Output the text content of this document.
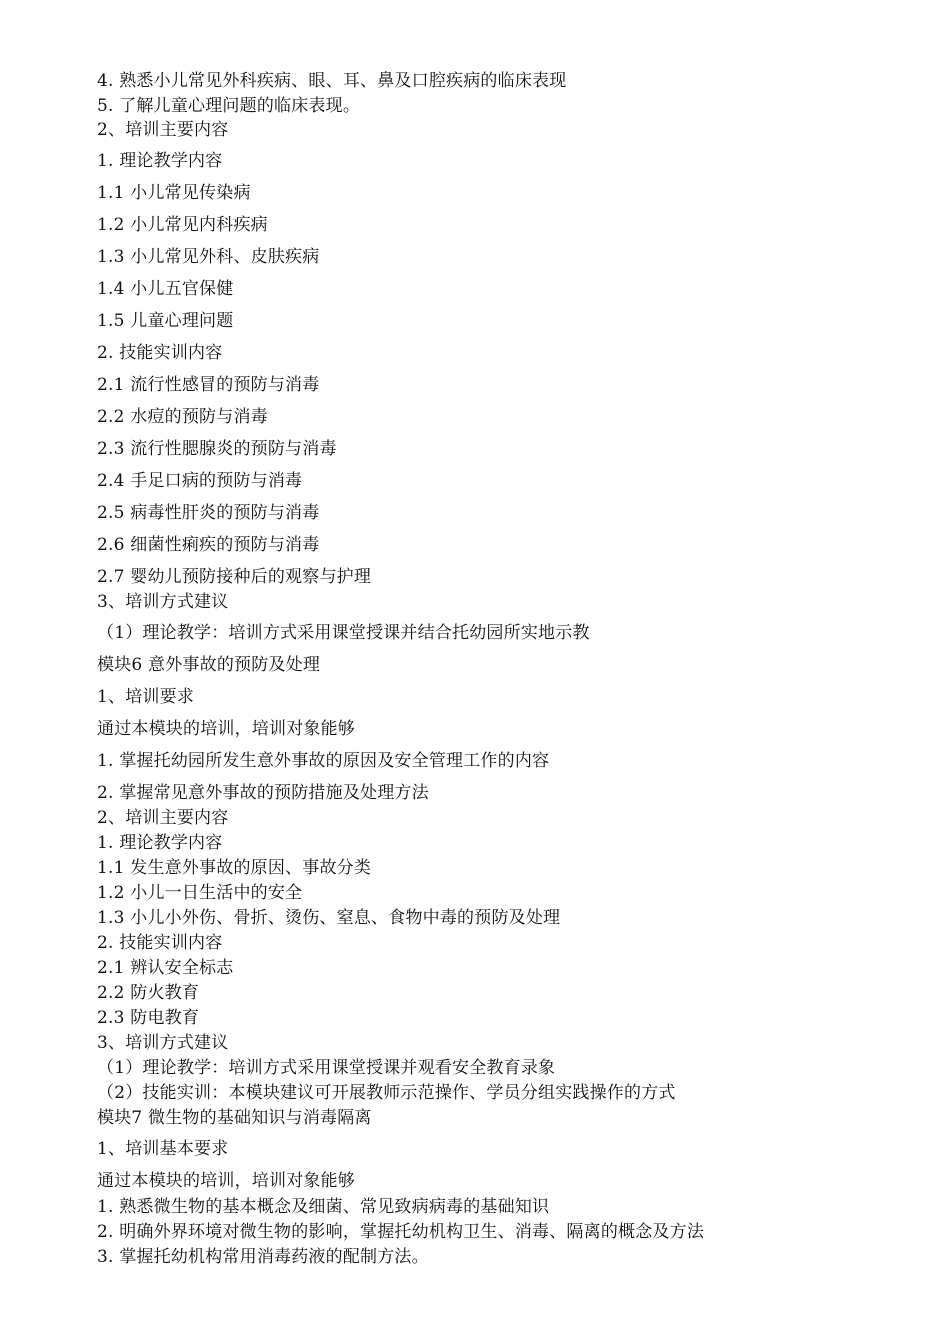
4. 熟悉小儿常见外科疾病、眼、耳、鼻及口腔疾病的临床表现
5. 了解儿童心理问题的临床表现。
2、培训主要内容
1. 理论教学内容
1.1 小儿常见传染病
1.2 小儿常见内科疾病
1.3 小儿常见外科、皮肤疾病
1.4 小儿五官保健
1.5 儿童心理问题
2. 技能实训内容
2.1 流行性感冒的预防与消毒
2.2 水痘的预防与消毒
2.3 流行性腮腺炎的预防与消毒
2.4 手足口病的预防与消毒
2.5 病毒性肝炎的预防与消毒
2.6 细菌性痢疾的预防与消毒
2.7 婴幼儿预防接种后的观察与护理
3、培训方式建议
（1）理论教学：培训方式采用课堂授课并结合托幼园所实地示教
模块6 意外事故的预防及处理
1、培训要求
通过本模块的培训，培训对象能够
1. 掌握托幼园所发生意外事故的原因及安全管理工作的内容
2. 掌握常见意外事故的预防措施及处理方法
2、培训主要内容
1. 理论教学内容
1.1 发生意外事故的原因、事故分类
1.2 小儿一日生活中的安全
1.3 小儿小外伤、骨折、烫伤、窒息、食物中毒的预防及处理
2. 技能实训内容
2.1 辨认安全标志
2.2 防火教育
2.3 防电教育
3、培训方式建议
（1）理论教学：培训方式采用课堂授课并观看安全教育录象
（2）技能实训：本模块建议可开展教师示范操作、学员分组实践操作的方式
模块7 微生物的基础知识与消毒隔离
1、培训基本要求
通过本模块的培训，培训对象能够
1. 熟悉微生物的基本概念及细菌、常见致病病毒的基础知识
2. 明确外界环境对微生物的影响，掌握托幼机构卫生、消毒、隔离的概念及方法
3. 掌握托幼机构常用消毒药液的配制方法。
